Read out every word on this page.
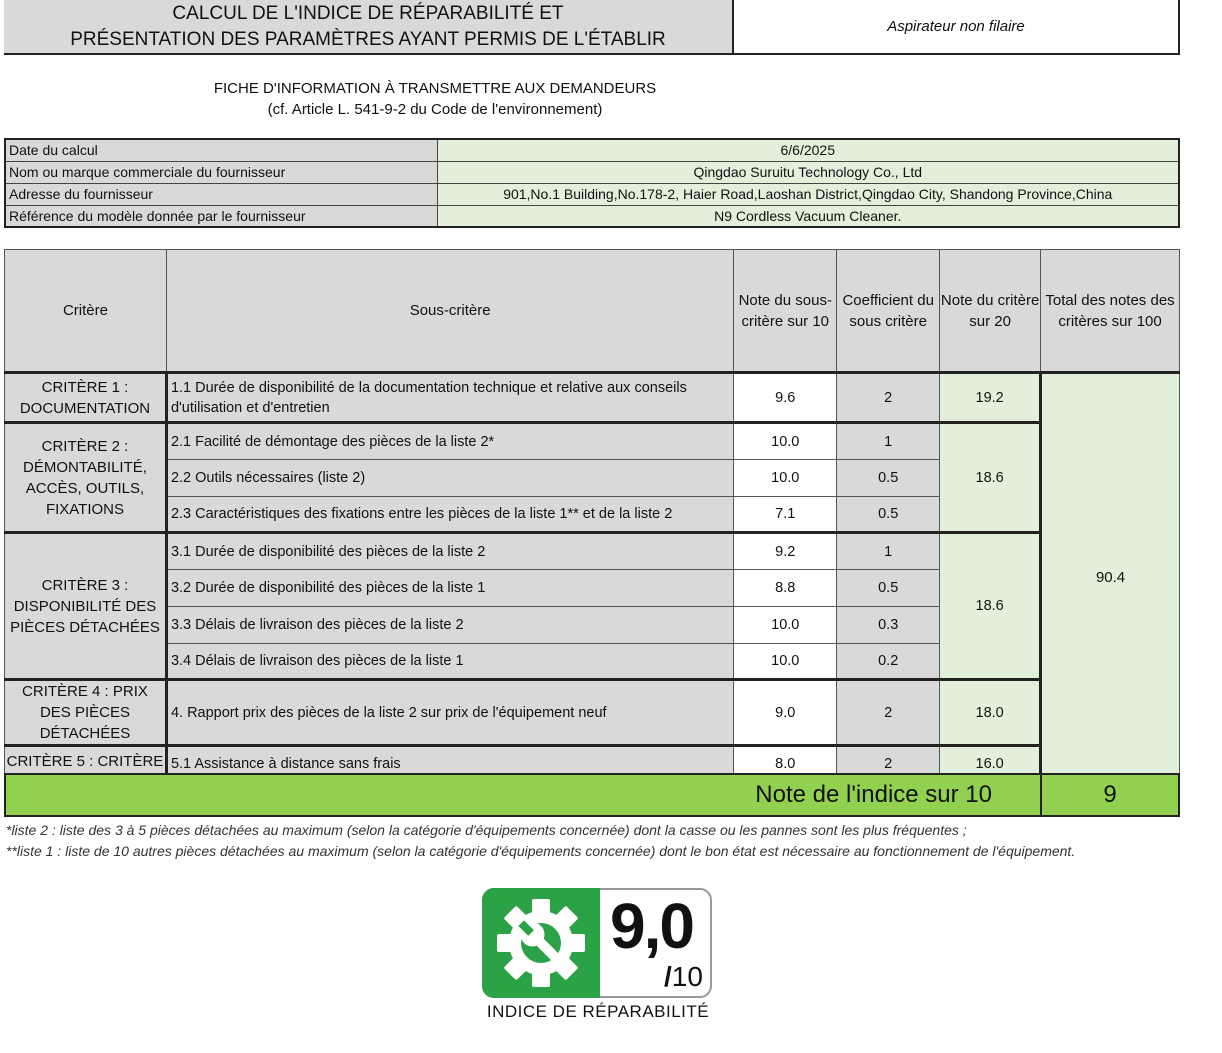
CALCUL DE L'INDICE DE RÉPARABILITÉ ET
PRÉSENTATION DES PARAMÈTRES AYANT PERMIS DE L'ÉTABLIR
Aspirateur non filaire
FICHE D'INFORMATION À TRANSMETTRE AUX DEMANDEURS
(cf. Article L. 541-9-2 du Code de l'environnement)
Date du calcul	6/6/2025
Nom ou marque commerciale du fournisseur	Qingdao Suruitu Technology Co., Ltd
Adresse du fournisseur	901,No.1 Building,No.178-2, Haier Road,Laoshan District,Qingdao City, Shandong Province,China
Référence du modèle donnée par le fournisseur	N9 Cordless Vacuum Cleaner.
Critère	Sous-critère	Note du sous-critère sur 10	Coefficient du sous critère	Note du critère sur 20	Total des notes des critères sur 100
CRITÈRE 1 : DOCUMENTATION	1.1 Durée de disponibilité de la documentation technique et relative aux conseils d'utilisation et d'entretien	9.6	2	19.2	90.4
CRITÈRE 2 : DÉMONTABILITÉ, ACCÈS, OUTILS, FIXATIONS	2.1 Facilité de démontage des pièces de la liste 2*	10.0	1	18.6	
	2.2 Outils nécessaires (liste 2)	10.0	0.5		
	2.3 Caractéristiques des fixations entre les pièces de la liste 1** et de la liste 2	7.1	0.5		
CRITÈRE 3 : DISPONIBILITÉ DES PIÈCES DÉTACHÉES	3.1 Durée de disponibilité des pièces de la liste 2	9.2	1	18.6	
	3.2 Durée de disponibilité des pièces de la liste 1	8.8	0.5		
	3.3 Délais de livraison des pièces de la liste 2	10.0	0.3		
	3.4 Délais de livraison des pièces de la liste 1	10.0	0.2		
CRITÈRE 4 : PRIX DES PIÈCES DÉTACHÉES	4. Rapport prix des pièces de la liste 2 sur prix de l'équipement neuf	9.0	2	18.0	

CRITÈRE 5 : CRITÈRE	5.1 Assistance à distance sans frais	8.0	2	16.0	
Note de l'indice sur 10	9
*liste 2 : liste des 3 à 5 pièces détachées au maximum (selon la catégorie d'équipements concernée) dont la casse ou les pannes sont les plus fréquentes ;
**liste 1 : liste de 10 autres pièces détachées au maximum (selon la catégorie d'équipements concernée) dont le bon état est nécessaire au fonctionnement de l'équipement.
9,0
/10
INDICE DE RÉPARABILITÉ
